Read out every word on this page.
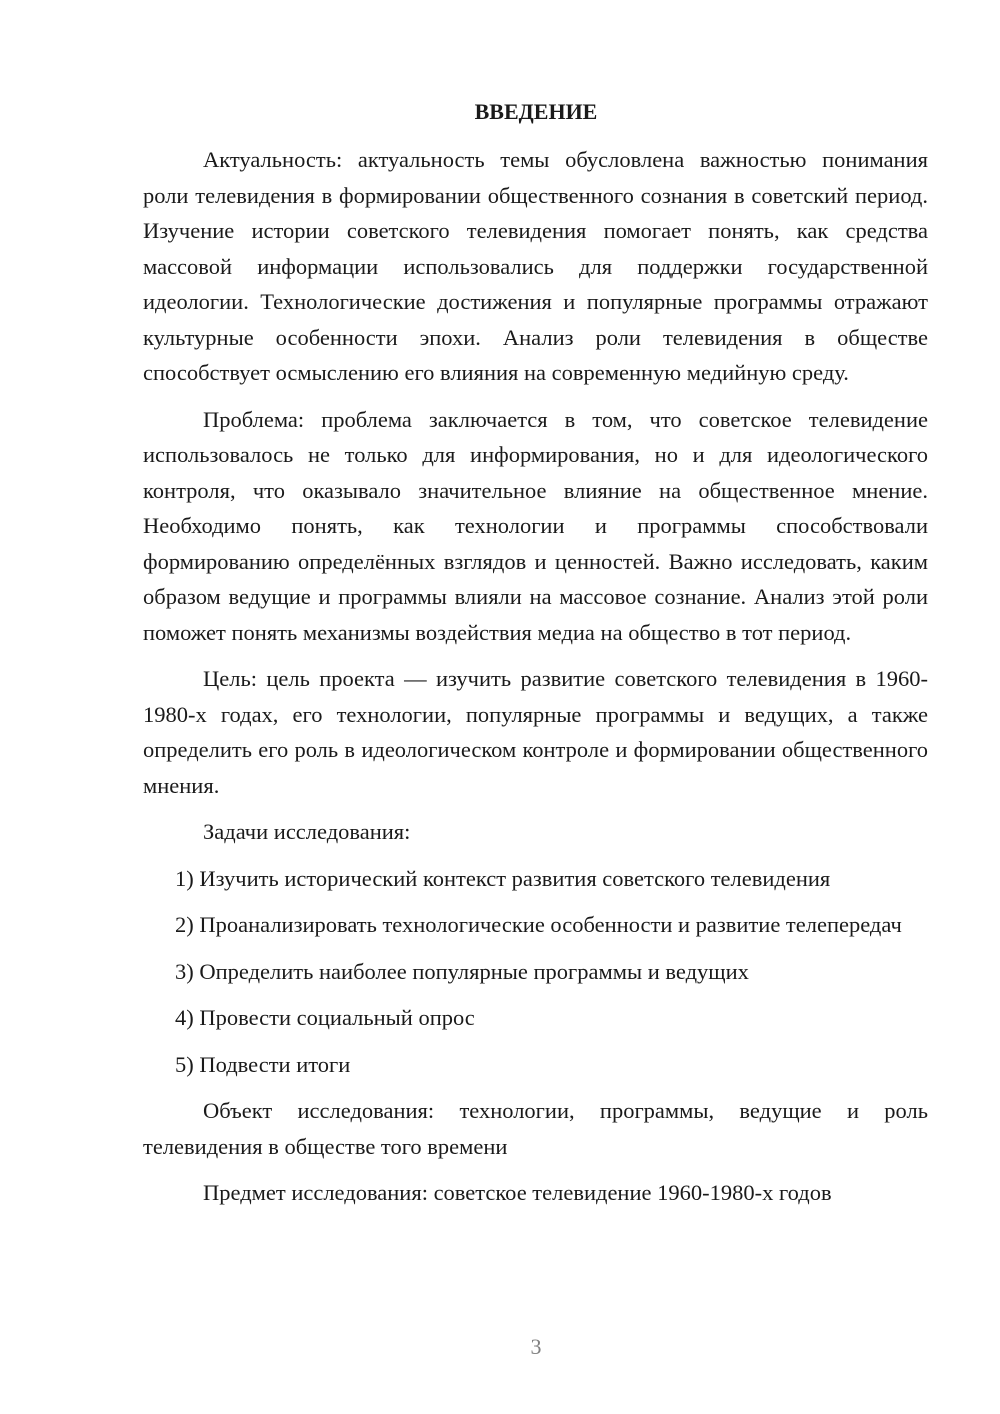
ВВЕДЕНИЕ

Актуальность: актуальность темы обусловлена важностью понимания роли телевидения в формировании общественного сознания в советский период. Изучение истории советского телевидения помогает понять, как средства массовой информации использовались для поддержки государственной идеологии. Технологические достижения и популярные программы отражают культурные особенности эпохи. Анализ роли телевидения в обществе способствует осмыслению его влияния на современную медийную среду.

Проблема: проблема заключается в том, что советское телевидение использовалось не только для информирования, но и для идеологического контроля, что оказывало значительное влияние на общественное мнение. Необходимо понять, как технологии и программы способствовали формированию определённых взглядов и ценностей. Важно исследовать, каким образом ведущие и программы влияли на массовое сознание. Анализ этой роли поможет понять механизмы воздействия медиа на общество в тот период.

Цель: цель проекта — изучить развитие советского телевидения в 1960-1980-х годах, его технологии, популярные программы и ведущих, а также определить его роль в идеологическом контроле и формировании общественного мнения.

Задачи исследования:

1) Изучить исторический контекст развития советского телевидения

2) Проанализировать технологические особенности и развитие телепередач

3) Определить наиболее популярные программы и ведущих

4) Провести социальный опрос

5) Подвести итоги

Объект исследования: технологии, программы, ведущие и роль телевидения в обществе того времени

Предмет исследования: советское телевидение 1960-1980-х годов

3
